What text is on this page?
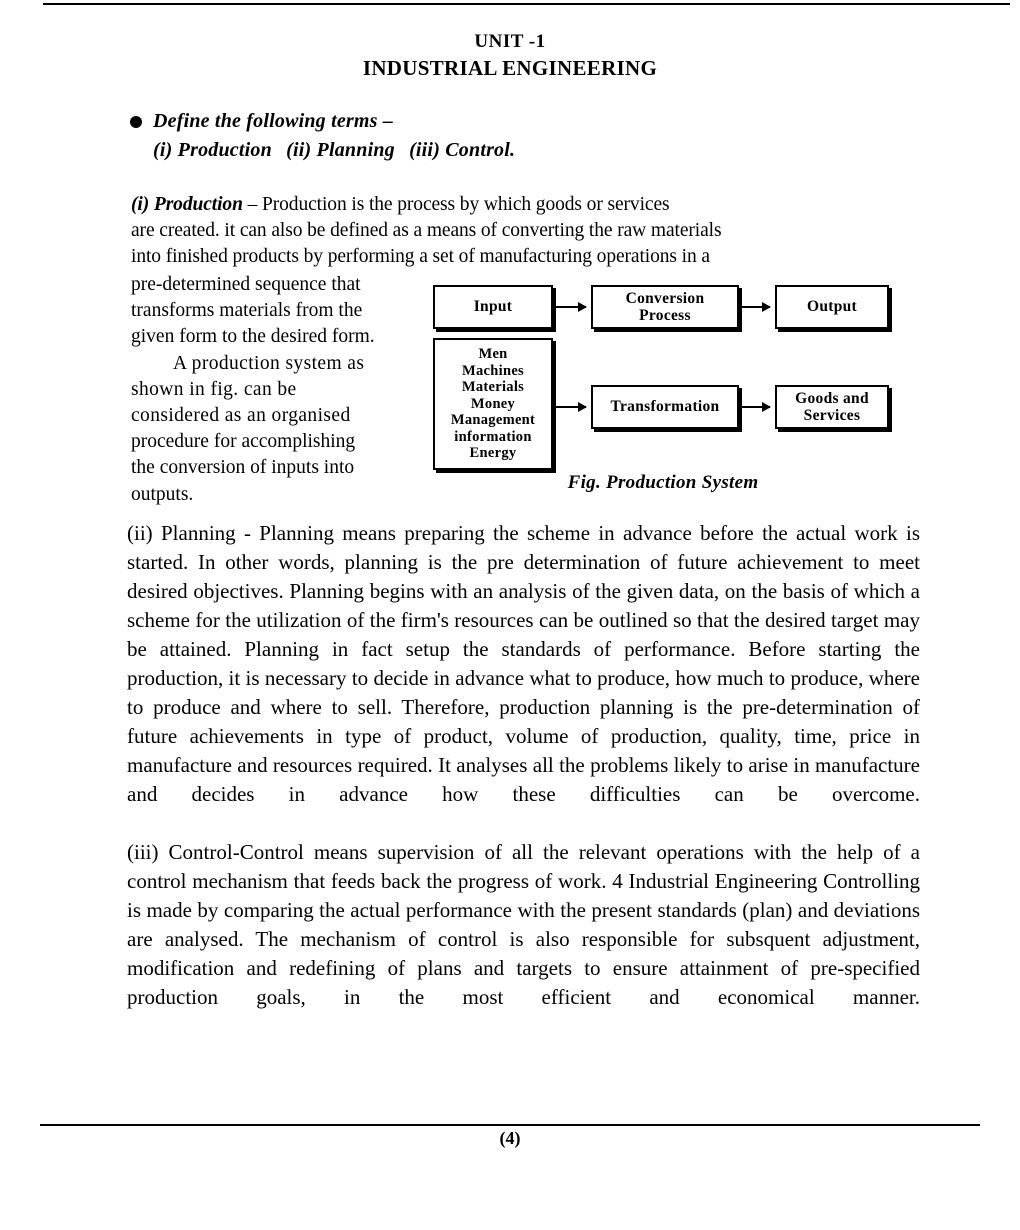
UNIT -1
INDUSTRIAL ENGINEERING
Define the following terms –
(i) Production (ii) Planning (iii) Control.
(i) Production – Production is the process by which goods or services
are created. it can also be defined as a means of converting the raw materials
into finished products by performing a set of manufacturing operations in a
pre-determined sequence that
transforms materials from the
given form to the desired form.
A production system as
shown in fig. can be
considered as an organised
procedure for accomplishing
the conversion of inputs into
outputs.
Input
Conversion
Process
Output
Men
Machines
Materials
Money
Management
information
Energy
Transformation
Goods and
Services
Fig. Production System

(ii) Planning - Planning means preparing the scheme in advance before the actual work is started. In other words, planning is the pre determination of future achievement to meet desired objectives. Planning begins with an analysis of the given data, on the basis of which a scheme for the utilization of the firm's resources can be outlined so that the desired target may be attained. Planning in fact setup the standards of performance. Before starting the production, it is necessary to decide in advance what to produce, how much to produce, where to produce and where to sell. Therefore, production planning is the pre-determination of future achievements in type of product, volume of production, quality, time, price in manufacture and resources required. It analyses all the problems likely to arise in manufacture and decides in advance how these difficulties can be overcome.

(iii) Control-Control means supervision of all the relevant operations with the help of a control mechanism that feeds back the progress of work. 4 Industrial Engineering Controlling is made by comparing the actual performance with the present standards (plan) and deviations are analysed. The mechanism of control is also responsible for subsquent adjustment, modification and redefining of plans and targets to ensure attainment of pre-specified production goals, in the most efficient and economical manner.

(4)
